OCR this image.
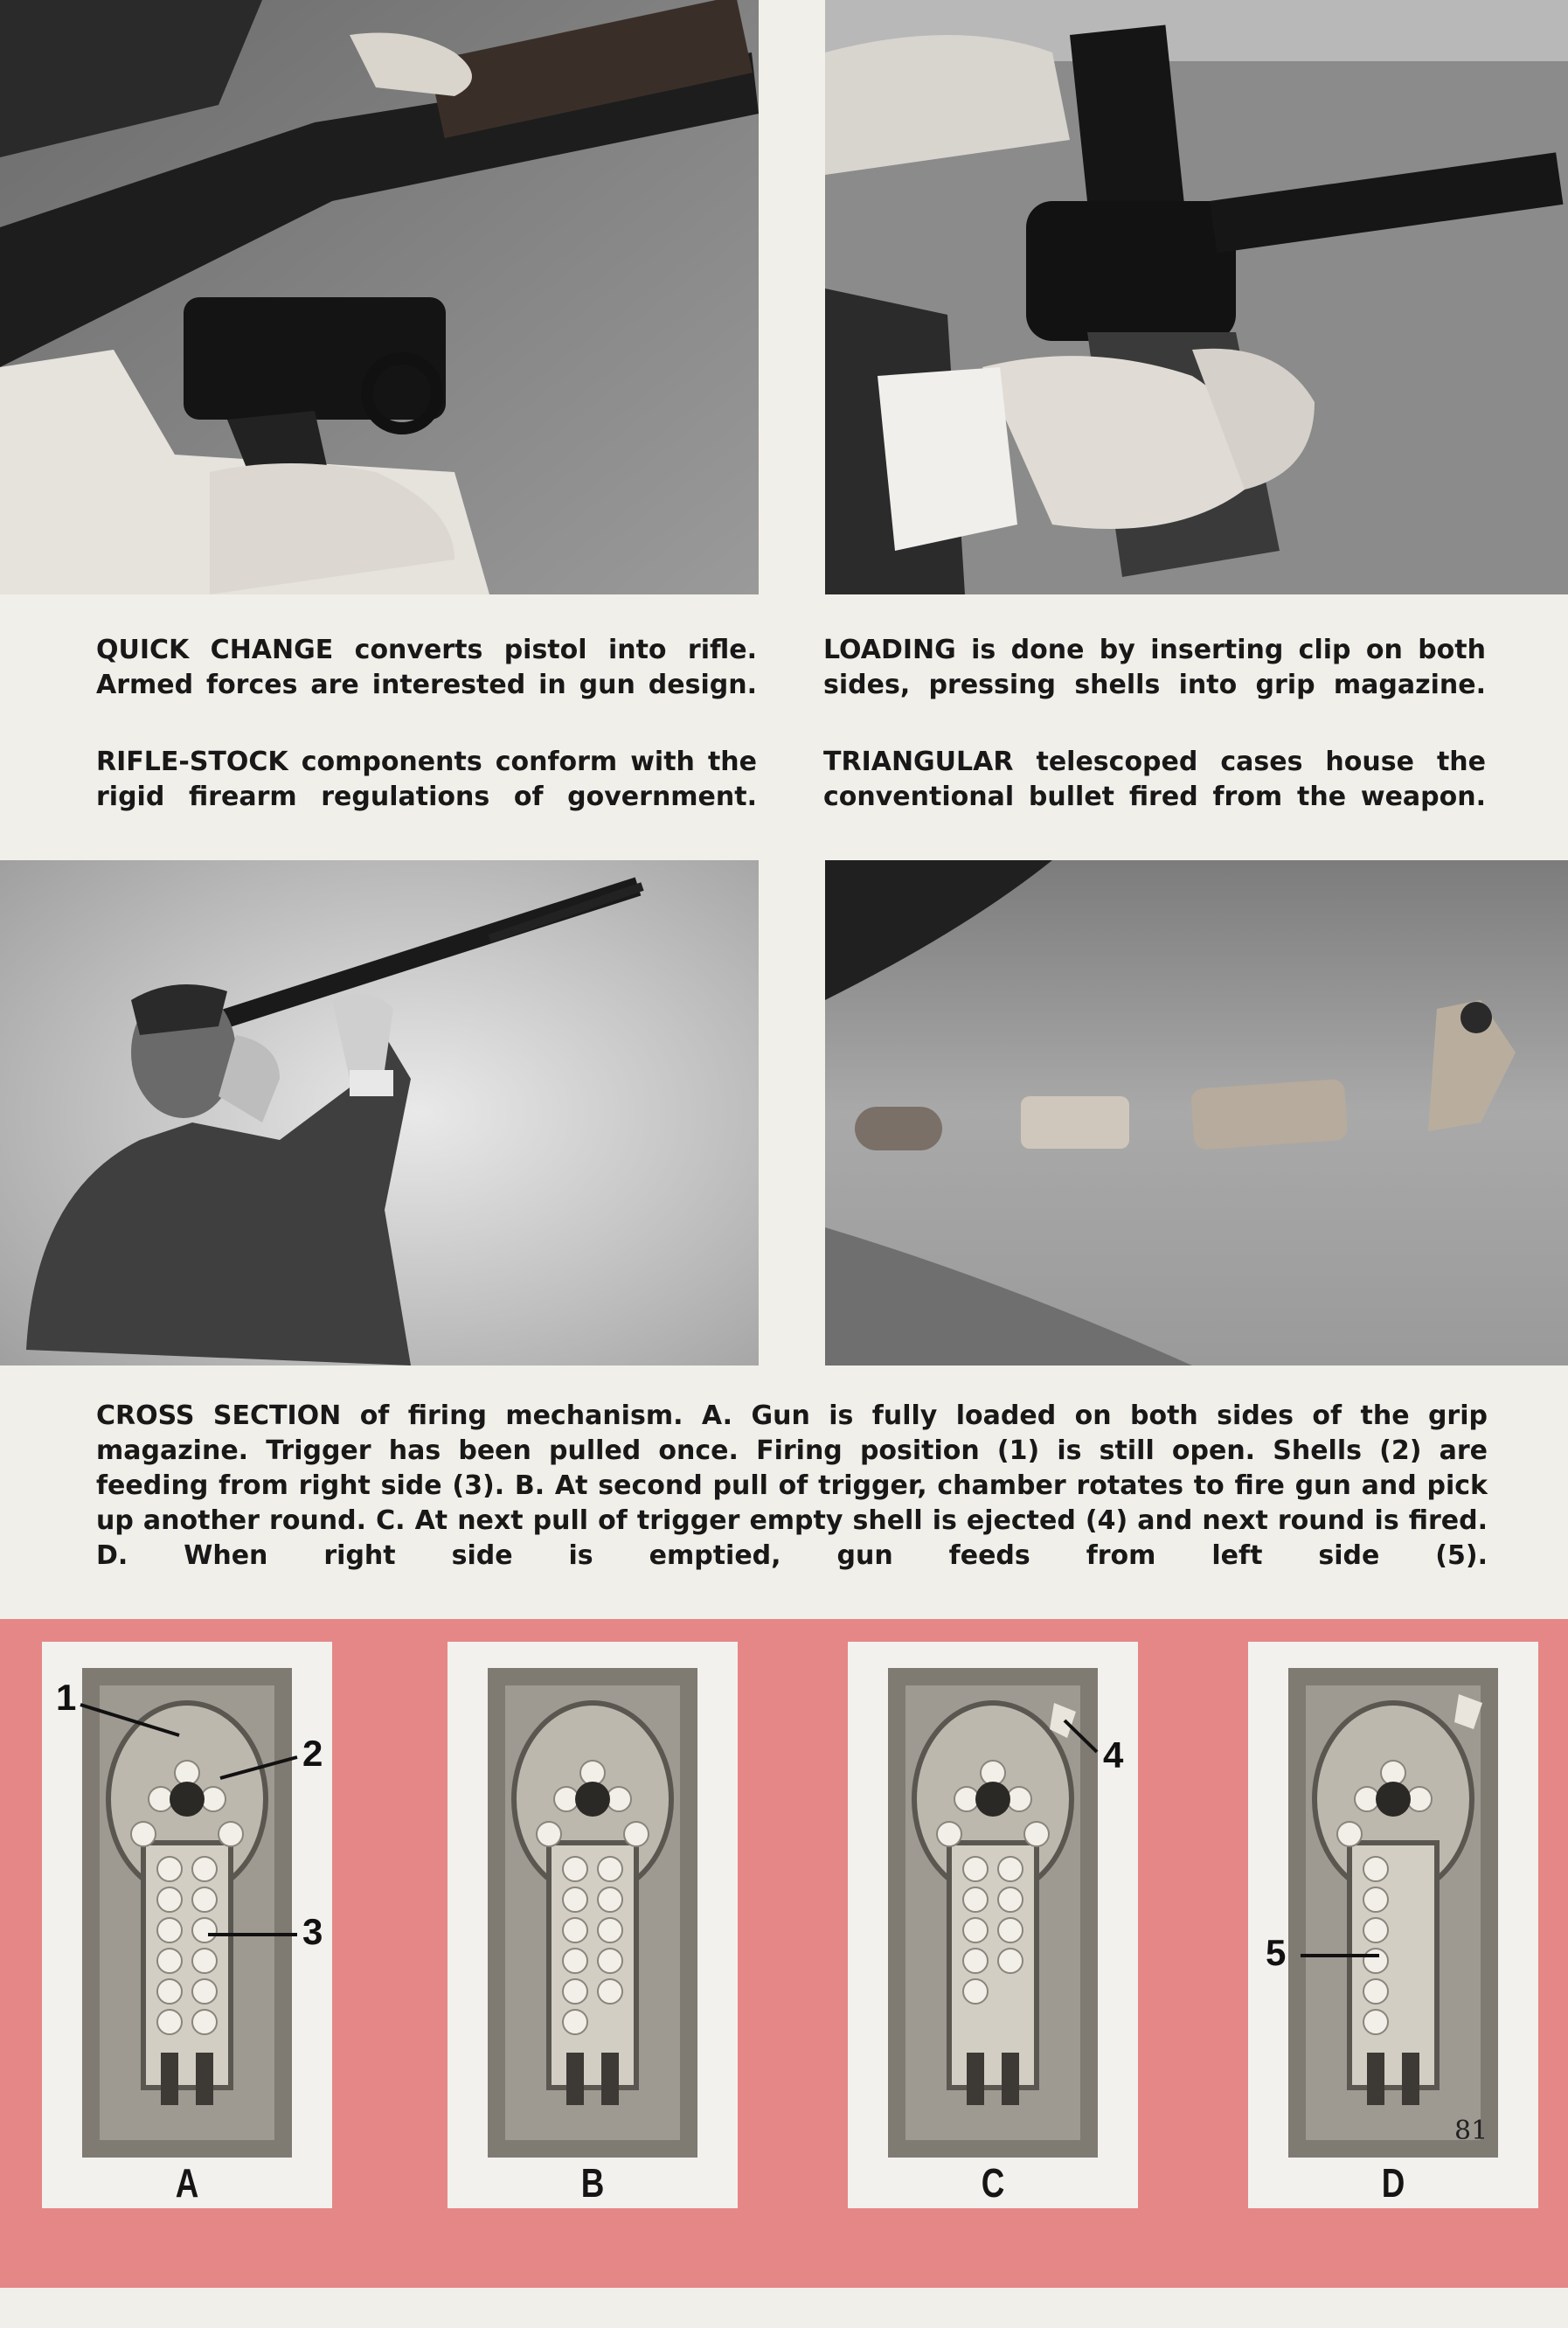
QUICK CHANGE converts pistol into rifle. Armed forces are interested in gun design.
LOADING is done by inserting clip on both sides, pressing shells into grip magazine.
RIFLE-STOCK components conform with the rigid firearm regulations of government.
TRIANGULAR telescoped cases house the conventional bullet fired from the weapon.
CROSS SECTION of firing mechanism. A. Gun is fully loaded on both sides of the grip magazine. Trigger has been pulled once. Firing position (1) is still open. Shells (2) are feeding from right side (3). B. At second pull of trigger, chamber rotates to fire gun and pick up another round. C. At next pull of trigger empty shell is ejected (4) and next round is fired. D. When right side is emptied, gun feeds from left side (5).
A	B	C	D
1
2
3
4
5
81
